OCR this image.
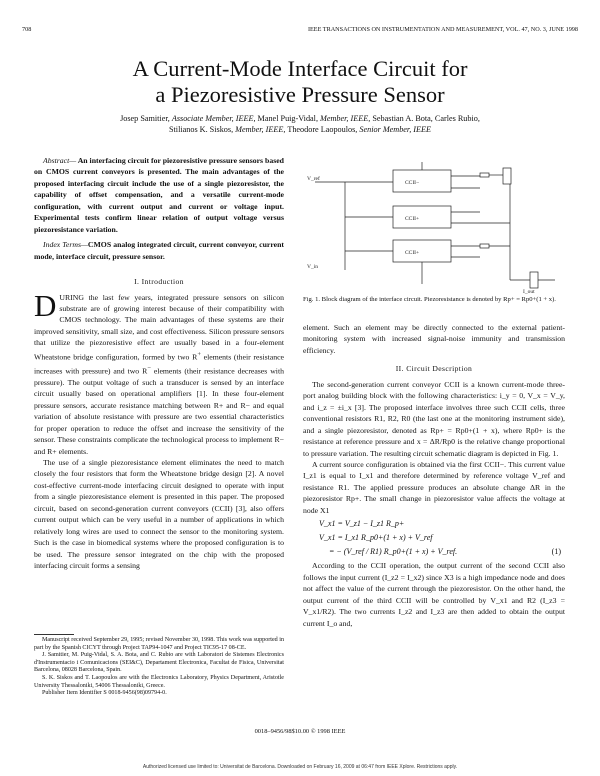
708	IEEE TRANSACTIONS ON INSTRUMENTATION AND MEASUREMENT, VOL. 47, NO. 3, JUNE 1998
A Current-Mode Interface Circuit for
a Piezoresistive Pressure Sensor
Josep Samitier, Associate Member, IEEE, Manel Puig-Vidal, Member, IEEE, Sebastian A. Bota, Carles Rubio,
Stilianos K. Siskos, Member, IEEE, Theodore Laopoulos, Senior Member, IEEE

Abstract— An interfacing circuit for piezoresistive pressure sensors based on CMOS current conveyors is presented. The main advantages of the proposed interfacing circuit include the use of a single piezoresistor, the capability of offset compensation, and a versatile current-mode configuration, with current output and current or voltage input. Experimental tests confirm linear relation of output voltage versus piezoresistance variation.

Index Terms—CMOS analog integrated circuit, current conveyor, current mode, interface circuit, pressure sensor.

I. Introduction

DURING the last few years, integrated pressure sensors on silicon substrate are of growing interest because of their compatibility with CMOS technology. The main advantages of these systems are their improved sensitivity, small size, and cost effectiveness. Silicon pressure sensors that utilize the piezoresistive effect are usually based in a four-element Wheatstone bridge configuration, formed by two R+ elements (their resistance increases with pressure) and two R− elements (their resistance decreases with pressure). The output voltage of such a transducer is sensed by an interface circuit usually based on operational amplifiers [1]. In these four-element pressure sensors, accurate resistance matching between R+ and R− and equal variation of absolute resistance with pressure are two essential characteristics for proper operation to reduce the offset and increase the sensitivity of the sensor. These constraints complicate the technological process to implement R− and R+ elements.

The use of a single piezoresistance element eliminates the need to match closely the four resistors that form the Wheatstone bridge design [2]. A novel cost-effective current-mode interfacing circuit designed to operate with input from a single piezoresistance element is presented in this paper. The proposed circuit, based on second-generation current conveyors (CCII) [3], also offers current output which can be very useful in a number of applications in which relatively long wires are used to connect the sensor to the monitoring system. Such is the case in biomedical systems where the proposed configuration is to be used. The pressure sensor integrated on the chip with the proposed interfacing circuit forms a sensing

Manuscript received September 29, 1995; revised November 30, 1998. This work was supported in part by the Spanish CICYT through Project TAP94-1047 and Project TIC95-17 08-CE.

J. Samitier, M. Puig-Vidal, S. A. Bota, and C. Rubio are with Laboratori de Sistemes Electronics d'Instrumentacio i Comunicacions (SEI&C), Departament Electronica, Facultat de Fisica, Universitat Barcelona, 08028 Barcelona, Spain.

S. K. Siskos and T. Laopoulos are with the Electronics Laboratory, Physics Department, Aristotle University Thessaloniki, 54006 Thessaloniki, Greece.

Publisher Item Identifier S 0018-9456(98)09794-0.

V_ref
CCII−
CCII+
CCII+
V_in
I_out
Fig. 1. Block diagram of the interface circuit. Piezoresistance is denoted by Rp+ = Rp0+(1 + x).

element. Such an element may be directly connected to the external patient-monitoring system with increased signal-noise immunity and transmission efficiency.

II. Circuit Description

The second-generation current conveyor CCII is a known current-mode three-port analog building block with the following characteristics: i_y = 0, V_x = V_y, and i_z = ±i_x [3]. The proposed interface involves three such CCII cells, three conventional resistors R1, R2, R0 (the last one at the monitoring instrument side), and a single piezoresistor, denoted as Rp+ = Rp0+(1 + x), where Rp0+ is the resistance at reference pressure and x = ΔR/Rp0 is the relative change proportional to pressure variation. The resulting circuit schematic diagram is depicted in Fig. 1.

A current source configuration is obtained via the first CCII−. This current value I_z1 is equal to I_x1 and therefore determined by reference voltage V_ref and resistance R1. The applied pressure produces an absolute change ΔR in the piezoresistor Rp+. The small change in piezoresistor value affects the voltage at node X1

V_x1 = V_z1 − I_z1 R_p+
V_x1 = I_x1 R_p0+(1 + x) + V_ref
= − (V_ref / R1) R_p0+(1 + x) + V_ref.	(1)

According to the CCII operation, the output current of the second CCII also follows the input current (I_z2 = I_x2) since X3 is a high impedance node and does not affect the value of the current through the piezoresistor. On the other hand, the output current of the third CCII will be controlled by V_x1 and R2 (I_z3 = V_x1/R2). The two currents I_z2 and I_z3 are then added to obtain the output current I_o and,

0018–9456/98$10.00 © 1998 IEEE
Authorized licensed use limited to: Universitat de Barcelona. Downloaded on February 16, 2009 at 06:47 from IEEE Xplore. Restrictions apply.
